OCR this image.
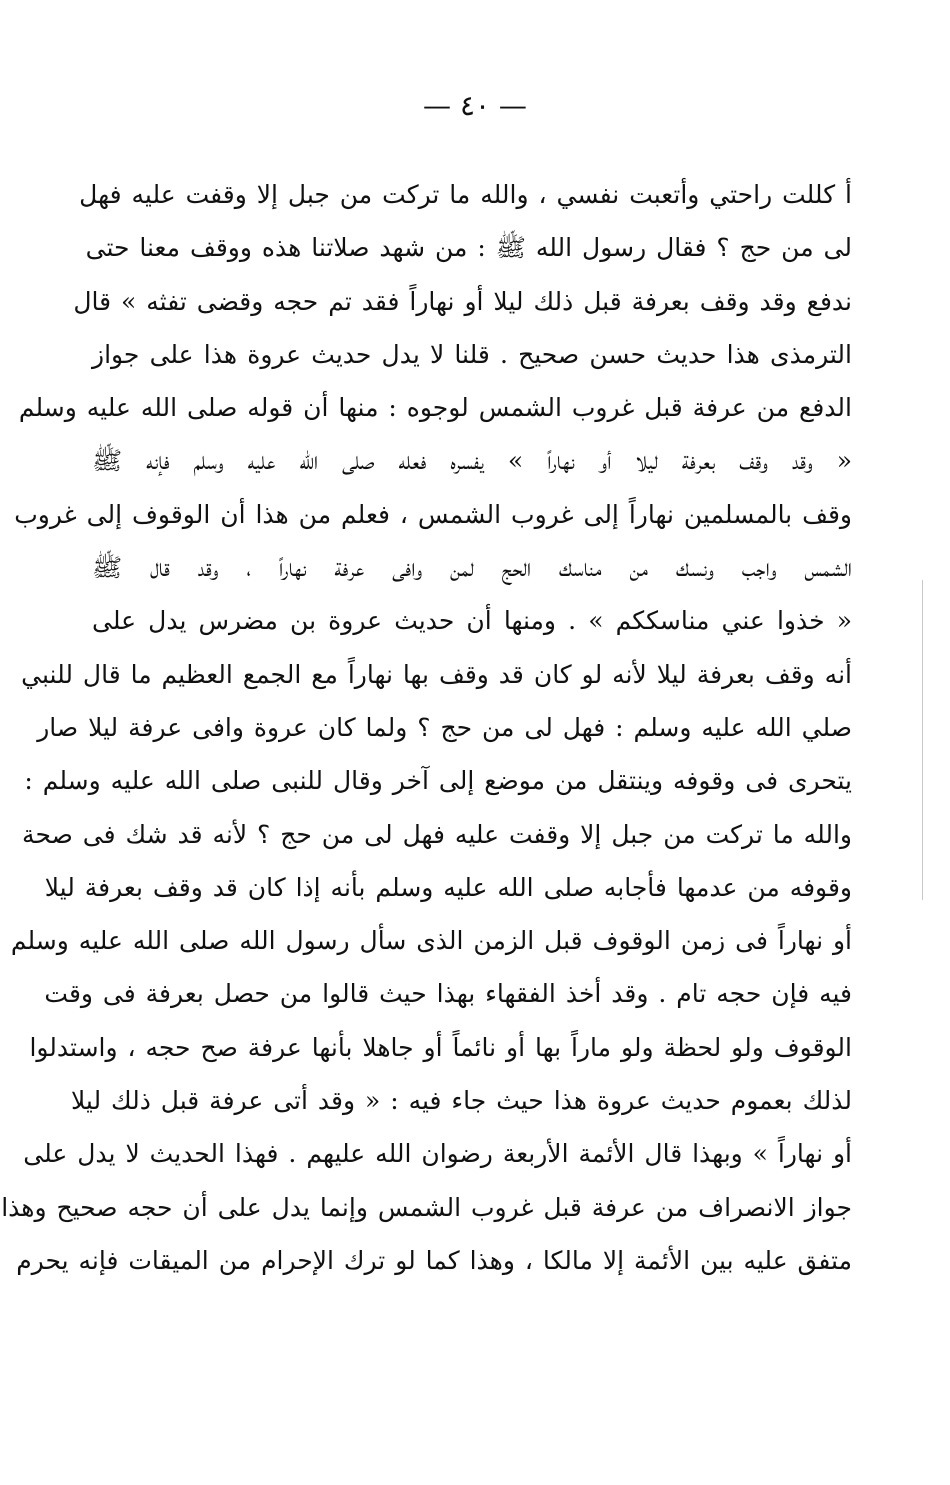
— ٤٠ —
أ كللت راحتي وأتعبت نفسي ، والله ما تركت من جبل إلا وقفت عليه فهل
لى من حج ؟ فقال رسول الله ﷺ : من شهد صلاتنا هذه ووقف معنا حتى
ندفع وقد وقف بعرفة قبل ذلك ليلا أو نهاراً فقد تم حجه وقضى تفثه » قال
الترمذى هذا حديث حسن صحيح . قلنا لا يدل حديث عروة هذا على جواز
الدفع من عرفة قبل غروب الشمس لوجوه : منها أن قوله صلى الله عليه وسلم
« وقد وقف بعرفة ليلا أو نهاراً » يفسره فعله صلى الله عليه وسلم فإنه ﷺ
وقف بالمسلمين نهاراً إلى غروب الشمس ، فعلم من هذا أن الوقوف إلى غروب
الشمس واجب ونسك من مناسك الحج لمن وافى عرفة نهاراً ، وقد قال ﷺ
« خذوا عني مناسككم » . ومنها أن حديث عروة بن مضرس يدل على
أنه وقف بعرفة ليلا لأنه لو كان قد وقف بها نهاراً مع الجمع العظيم ما قال للنبي
صلي الله عليه وسلم : فهل لى من حج ؟ ولما كان عروة وافى عرفة ليلا صار
يتحرى فى وقوفه وينتقل من موضع إلى آخر وقال للنبى صلى الله عليه وسلم :
والله ما تركت من جبل إلا وقفت عليه فهل لى من حج ؟ لأنه قد شك فى صحة
وقوفه من عدمها فأجابه صلى الله عليه وسلم بأنه إذا كان قد وقف بعرفة ليلا
أو نهاراً فى زمن الوقوف قبل الزمن الذى سأل رسول الله صلى الله عليه وسلم
فيه فإن حجه تام . وقد أخذ الفقهاء بهذا حيث قالوا من حصل بعرفة فى وقت
الوقوف ولو لحظة ولو ماراً بها أو نائماً أو جاهلا بأنها عرفة صح حجه ، واستدلوا
لذلك بعموم حديث عروة هذا حيث جاء فيه : « وقد أتى عرفة قبل ذلك ليلا
أو نهاراً » وبهذا قال الأئمة الأربعة رضوان الله عليهم . فهذا الحديث لا يدل على
جواز الانصراف من عرفة قبل غروب الشمس وإنما يدل على أن حجه صحيح وهذا
متفق عليه بين الأئمة إلا مالكا ، وهذا كما لو ترك الإحرام من الميقات فإنه يحرم
